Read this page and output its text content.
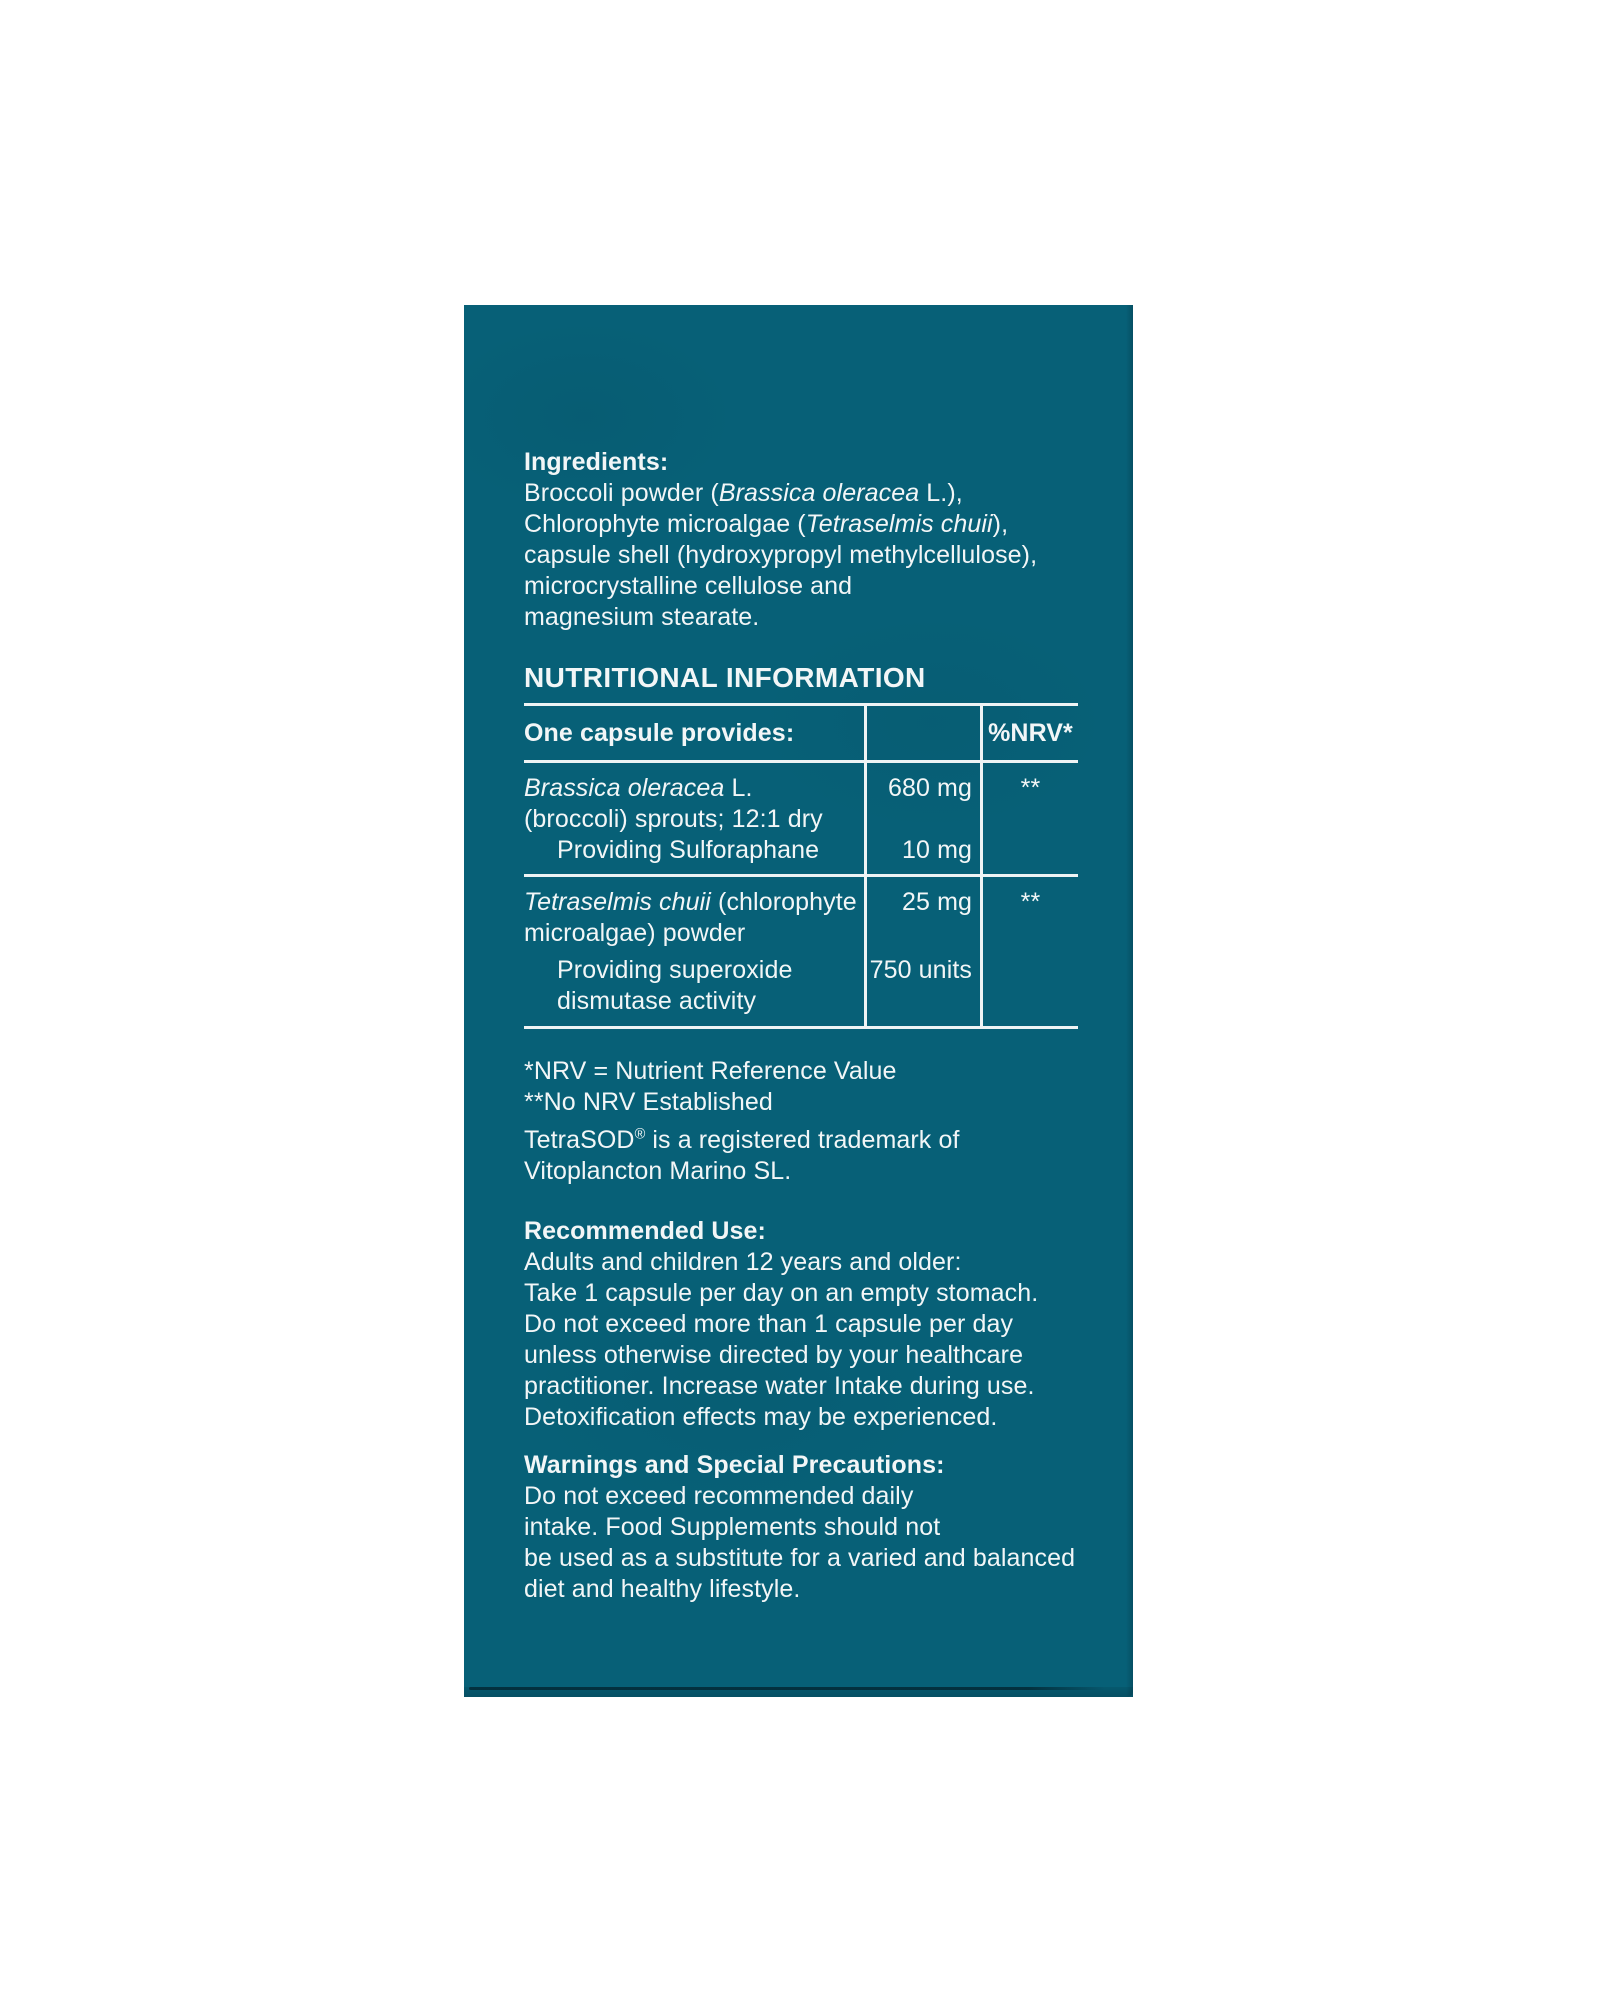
Ingredients:
Broccoli powder (Brassica oleracea L.),
Chlorophyte microalgae (Tetraselmis chuii),
capsule shell (hydroxypropyl methylcellulose),
microcrystalline cellulose and
magnesium stearate.
NUTRITIONAL INFORMATION
One capsule provides:	%NRV*
Brassica oleracea L.
(broccoli) sprouts; 12:1 dry
Providing Sulforaphane
680 mg
10 mg
**
Tetraselmis chuii (chlorophyte
microalgae) powder
Providing superoxide
dismutase activity
25 mg
750 units
**
*NRV = Nutrient Reference Value
**No NRV Established
TetraSOD® is a registered trademark of
Vitoplancton Marino SL.
Recommended Use:
Adults and children 12 years and older:
Take 1 capsule per day on an empty stomach.
Do not exceed more than 1 capsule per day
unless otherwise directed by your healthcare
practitioner. Increase water Intake during use.
Detoxification effects may be experienced.
Warnings and Special Precautions:
Do not exceed recommended daily
intake. Food Supplements should not
be used as a substitute for a varied and balanced
diet and healthy lifestyle.
